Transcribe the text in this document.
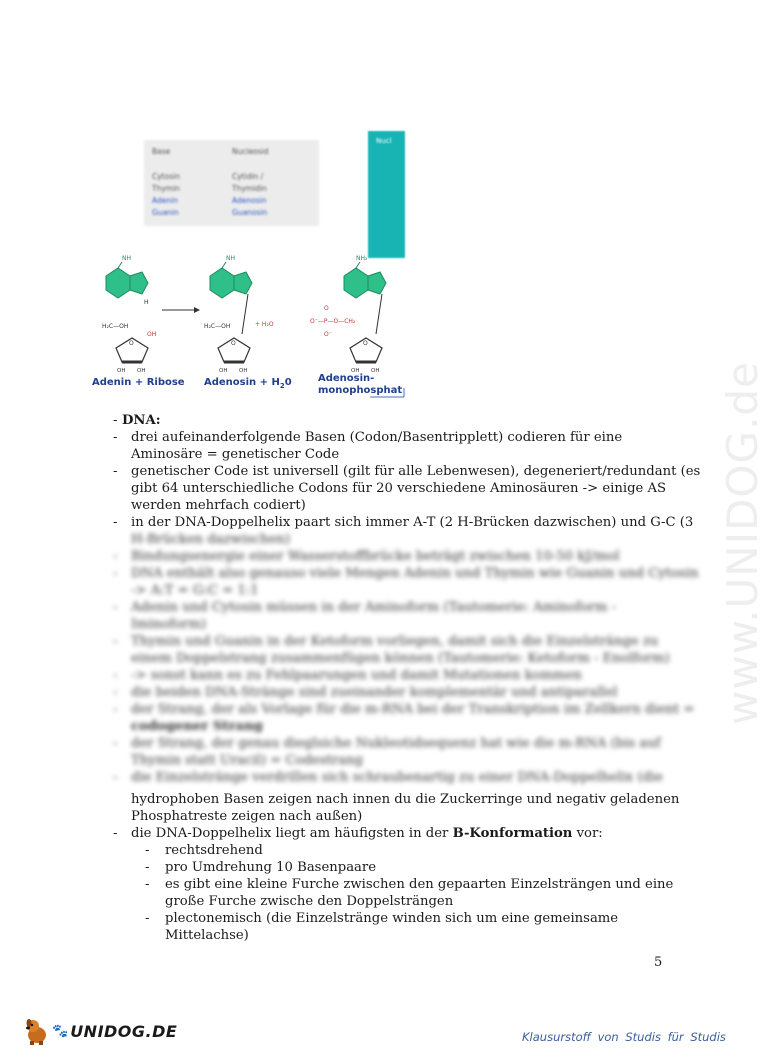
Base	Nucleosid
Cytosin	Cytidin /
Thymin	Thymidin
Adenin	Adenosin
Guanin	Guanosin
Nucl
NH
H
H₂C—OH
O
OH
OH OH
NH
H₂C—OH
O
+ H₂O
OH OH
NH₂
O⁻—P—O—CH₂
O
O⁻
O
OH OH
Adenin + Ribose Adenosin + $H_20$	Adenosin-
monophosphat
- DNA:
- drei aufeinanderfolgende Basen (Codon/Basentripplett) codieren für eine
Aminosäre = genetischer Code
- genetischer Code ist universell (gilt für alle Lebenwesen), degeneriert/redundant (es
gibt 64 unterschiedliche Codons für 20 verschiedene Aminosäuren -> einige AS
werden mehrfach codiert)
- in der DNA-Doppelhelix paart sich immer A-T (2 H-Brücken dazwischen) und G-C (3
H-Brücken dazwischen)
- Bindungsenergie einer Wasserstoffbrücke beträgt zwischen 10-50 kJ/mol
- DNA enthält also genauso viele Mengen Adenin und Thymin wie Guanin und Cytosin
-> A:T = G:C = 1:1
- Adenin und Cytosin müssen in der Aminoform (Tautomerie: Aminoform -
Iminoform)
- Thymin und Guanin in der Ketoform vorliegen, damit sich die Einzelstränge zu
einem Doppelstrang zusammenfügen können (Tautomerie: Ketoform - Enolform)
- -> sonst kann es zu Fehlpaarungen und damit Mutationen kommen
- die beiden DNA-Stränge sind zueinander komplementär und antiparallel
- der Strang, der als Vorlage für die m-RNA bei der Transkription im Zellkern dient =
codogener Strang
- der Strang, der genau dieglsiche Nukleotidsequenz hat wie die m-RNA (bis auf
Thymin statt Uracil) = Codestrang
- die Einzelstränge verdrillen sich schraubenartig zu einer DNA-Doppelhelix (die
hydrophoben Basen zeigen nach innen du die Zuckerringe und negativ geladenen
Phosphatreste zeigen nach außen)
- die DNA-Doppelhelix liegt am häufigsten in der B-Konformation vor:
- rechtsdrehend
- pro Umdrehung 10 Basenpaare
- es gibt eine kleine Furche zwischen den gepaarten Einzelsträngen und eine
große Furche zwische den Doppelsträngen
- plectonemisch (die Einzelstränge winden sich um eine gemeinsame
Mittelachse)
5
www.UNIDOG.de
🐾 UNIDOG.DE	Klausurstoff von Studis für Studis
